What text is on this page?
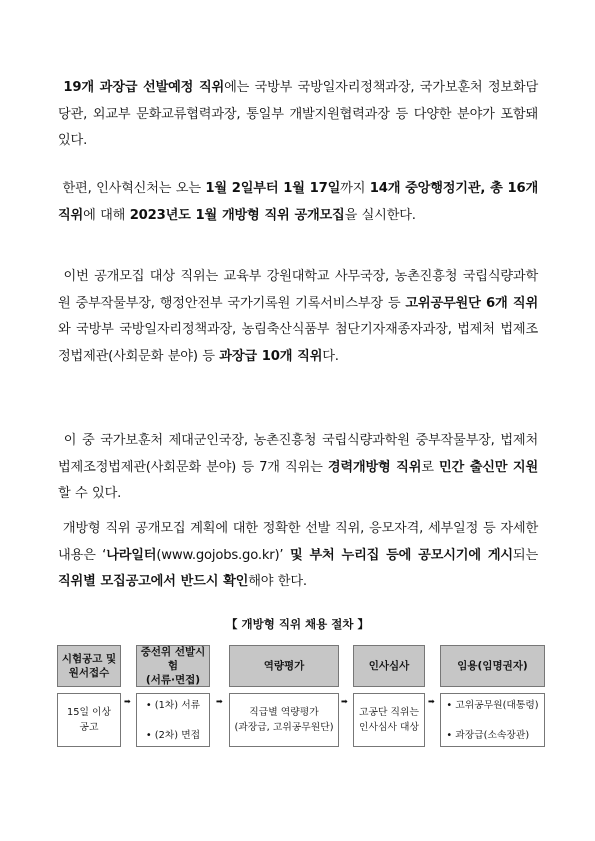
19개 과장급 선발예정 직위에는 국방부 국방일자리정책과장, 국가보훈처 정보화담당관, 외교부 문화교류협력과장, 통일부 개발지원협력과장 등 다양한 분야가 포함돼 있다.
한편, 인사혁신처는 오는 1월 2일부터 1월 17일까지 14개 중앙행정기관, 총 16개 직위에 대해 2023년도 1월 개방형 직위 공개모집을 실시한다.
이번 공개모집 대상 직위는 교육부 강원대학교 사무국장, 농촌진흥청 국립식량과학원 중부작물부장, 행정안전부 국가기록원 기록서비스부장 등 고위공무원단 6개 직위와 국방부 국방일자리정책과장, 농림축산식품부 첨단기자재종자과장, 법제처 법제조정법제관(사회문화 분야) 등 과장급 10개 직위다.
이 중 국가보훈처 제대군인국장, 농촌진흥청 국립식량과학원 중부작물부장, 법제처 법제조정법제관(사회문화 분야) 등 7개 직위는 경력개방형 직위로 민간 출신만 지원할 수 있다.
개방형 직위 공개모집 계획에 대한 정확한 선발 직위, 응모자격, 세부일정 등 자세한 내용은 ‘나라일터(www.gojobs.go.kr)’ 및 부처 누리집 등에 공모시기에 게시되는 직위별 모집공고에서 반드시 확인해야 한다.
【 개방형 직위 채용 절차 】
시험공고 및
원서접수
15일 이상
공고
➡
중선위 선발시험
(서류·면접)

• (1차) 서류

• (2차) 면접

➡
역량평가
직급별 역량평가
(과장급, 고위공무원단)
➡
인사심사
고공단 직위는
인사심사 대상
➡
임용(임명권자)

• 고위공무원(대통령)

• 과장급(소속장관)
